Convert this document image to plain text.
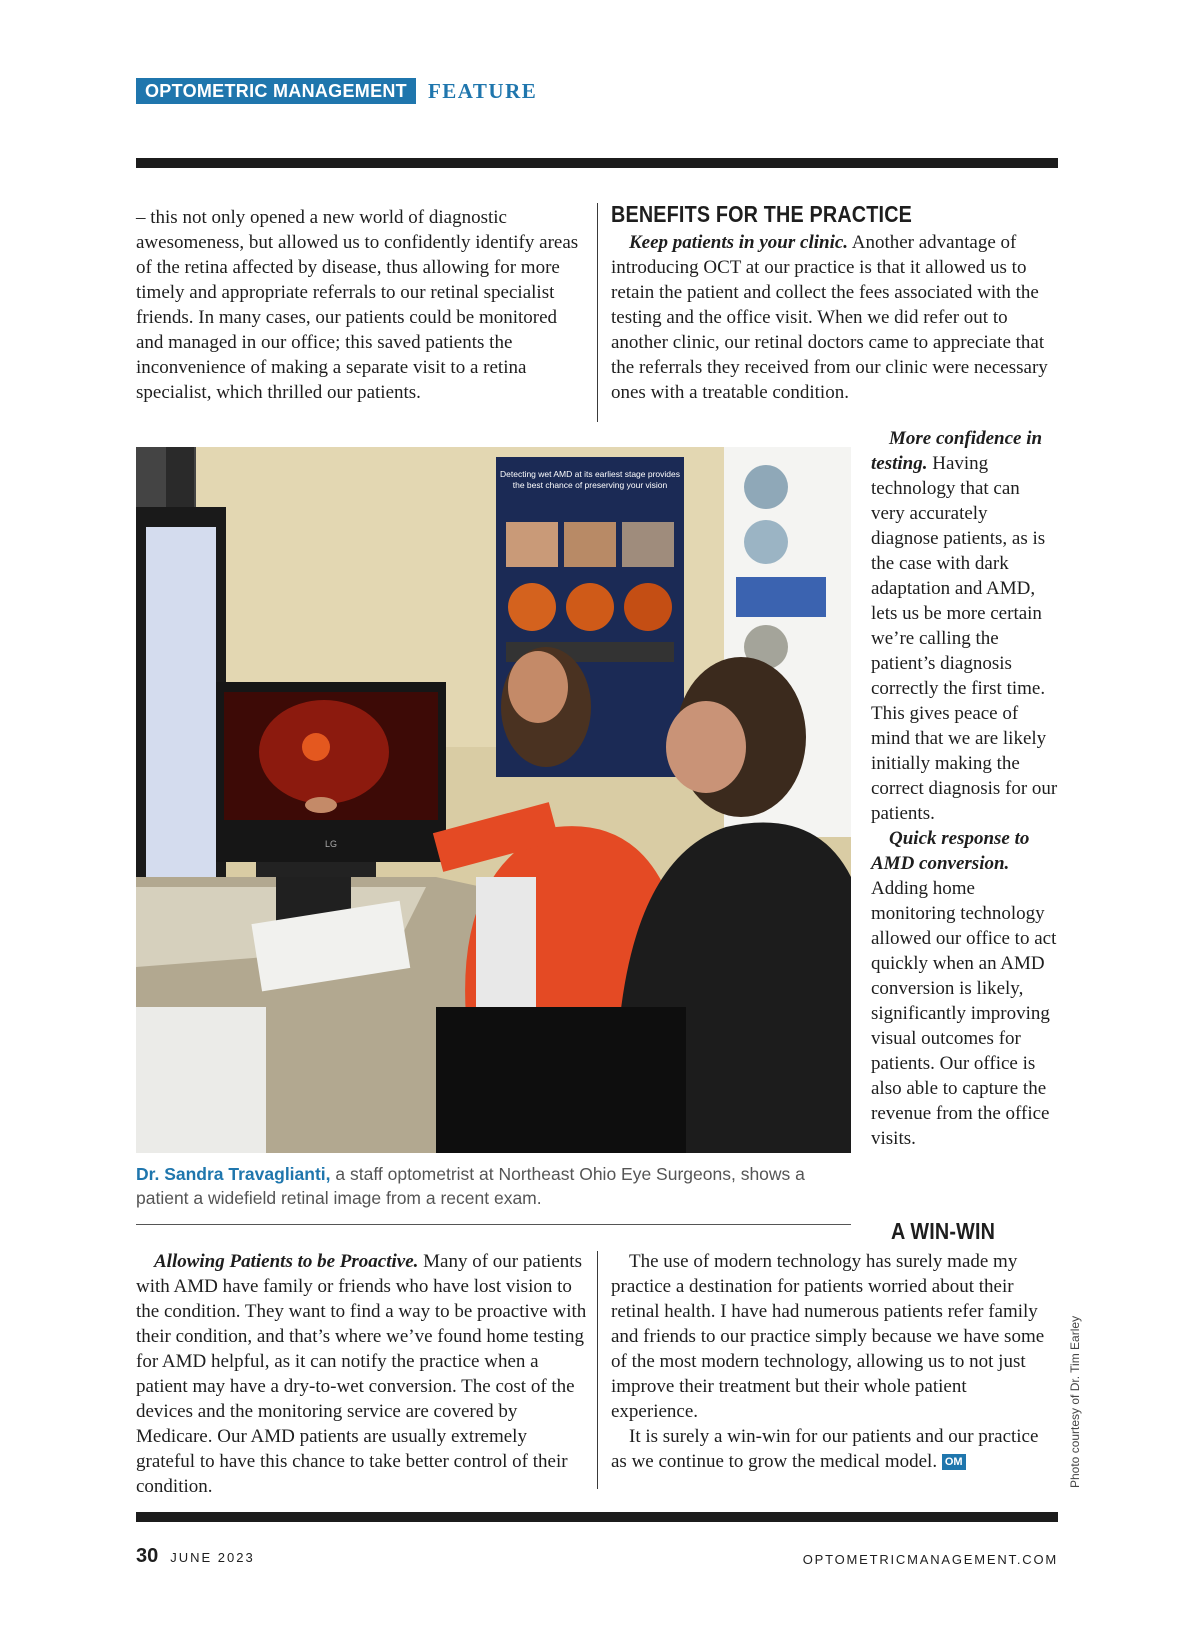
OPTOMETRIC MANAGEMENT	FEATURE

– this not only opened a new world of diagnostic awesomeness, but allowed us to confidently identify areas of the retina affected by disease, thus allowing for more timely and appropriate referrals to our retinal specialist friends. In many cases, our patients could be monitored and managed in our office; this saved patients the inconvenience of making a separate visit to a retina specialist, which thrilled our patients.

BENEFITS FOR THE PRACTICE

Keep patients in your clinic. Another advantage of introducing OCT at our practice is that it allowed us to retain the patient and collect the fees associated with the testing and the office visit. When we did refer out to another clinic, our retinal doctors came to appreciate that the referrals they received from our clinic were necessary ones with a treatable condition.

Detecting wet AMD at its earliest stage provides
the best chance of preserving your vision
LG
Dr. Sandra Travaglianti, a staff optometrist at Northeast Ohio Eye Surgeons, shows a patient a widefield retinal image from a recent exam.

More confidence in testing. Having technology that can very accurately diagnose patients, as is the case with dark adaptation and AMD, lets us be more certain we’re calling the patient’s diagnosis correctly the first time. This gives peace of mind that we are likely initially making the correct diagnosis for our patients.

Quick response to AMD conversion. Adding home monitoring technology allowed our office to act quickly when an AMD conversion is likely, significantly improving visual outcomes for patients. Our office is also able to capture the revenue from the office visits.

A WIN-WIN

Allowing Patients to be Proactive. Many of our patients with AMD have family or friends who have lost vision to the condition. They want to find a way to be proactive with their condition, and that’s where we’ve found home testing for AMD helpful, as it can notify the practice when a patient may have a dry-to-wet conversion. The cost of the devices and the monitoring service are covered by Medicare. Our AMD patients are usually extremely grateful to have this chance to take better control of their condition.

The use of modern technology has surely made my practice a destination for patients worried about their retinal health. I have had numerous patients refer family and friends to our practice simply because we have some of the most modern technology, allowing us to not just improve their treatment but their whole patient experience.

It is surely a win-win for our patients and our practice as we continue to grow the medical model. OM	Photo courtesy of Dr. Tim Earley
30 JUNE 2023	OPTOMETRICMANAGEMENT.COM
